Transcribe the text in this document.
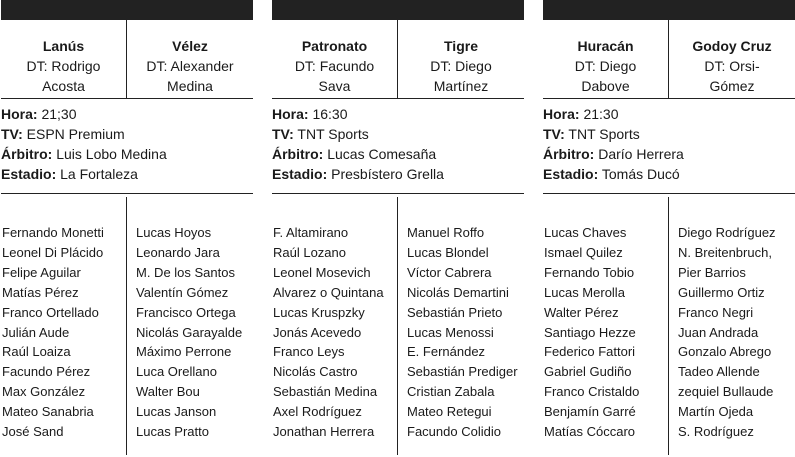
Lanús
DT: Rodrigo
Acosta
Vélez
DT: Alexander
Medina
Hora: 21;30
TV: ESPN Premium
Árbitro: Luis Lobo Medina
Estadio: La Fortaleza
Fernando Monetti
Leonel Di Plácido
Felipe Aguilar
Matías Pérez
Franco Ortellado
Julián Aude
Raúl Loaiza
Facundo Pérez
Max González
Mateo Sanabria
José Sand
Lucas Hoyos
Leonardo Jara
M. De los Santos
Valentín Gómez
Francisco Ortega
Nicolás Garayalde
Máximo Perrone
Luca Orellano
Walter Bou
Lucas Janson
Lucas Pratto
Patronato
DT: Facundo
Sava
Tigre
DT: Diego
Martínez
Hora: 16:30
TV: TNT Sports
Árbitro: Lucas Comesaña
Estadio: Presbístero Grella
F. Altamirano
Raúl Lozano
Leonel Mosevich
Alvarez o Quintana
Lucas Kruspzky
Jonás Acevedo
Franco Leys
Nicolás Castro
Sebastián Medina
Axel Rodríguez
Jonathan Herrera
Manuel Roffo
Lucas Blondel
Víctor Cabrera
Nicolás Demartini
Sebastián Prieto
Lucas Menossi
E. Fernández
Sebastián Prediger
Cristian Zabala
Mateo Retegui
Facundo Colidio
Huracán
DT: Diego
Dabove
Godoy Cruz
DT: Orsi-
Gómez
Hora: 21:30
TV: TNT Sports
Árbitro: Darío Herrera
Estadio: Tomás Ducó
Lucas Chaves
Ismael Quilez
Fernando Tobio
Lucas Merolla
Walter Pérez
Santiago Hezze
Federico Fattori
Gabriel Gudiño
Franco Cristaldo
Benjamín Garré
Matías Cóccaro
Diego Rodríguez
N. Breitenbruch,
Pier Barrios
Guillermo Ortiz
Franco Negri
Juan Andrada
Gonzalo Abrego
Tadeo Allende
zequiel Bullaude
Martín Ojeda
S. Rodríguez
